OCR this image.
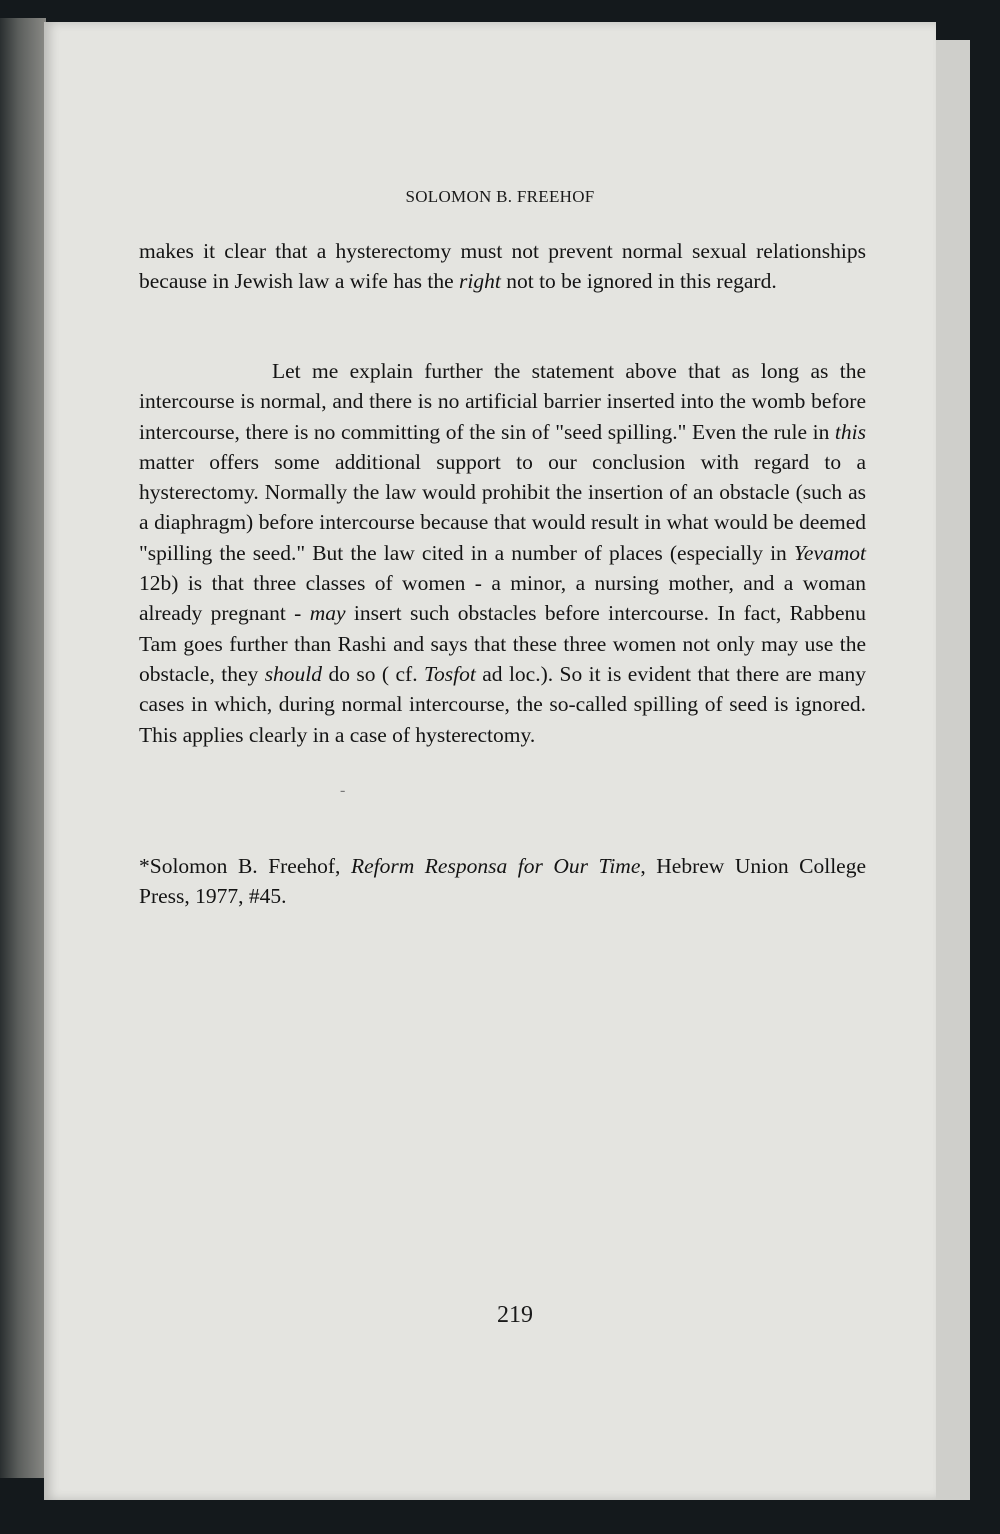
SOLOMON B. FREEHOF

makes it clear that a hysterectomy must not prevent normal sexual relationships because in Jewish law a wife has the right not to be ignored in this regard.

Let me explain further the statement above that as long as the intercourse is normal, and there is no artificial barrier inserted into the womb before intercourse, there is no committing of the sin of "seed spilling." Even the rule in this matter offers some additional support to our conclusion with regard to a hysterectomy. Normally the law would prohibit the insertion of an obstacle (such as a diaphragm) before intercourse because that would result in what would be deemed "spilling the seed." But the law cited in a number of places (especially in Yevamot 12b) is that three classes of women - a minor, a nursing mother, and a woman already pregnant - may insert such obstacles before intercourse. In fact, Rabbenu Tam goes further than Rashi and says that these three women not only may use the obstacle, they should do so ( cf. Tosfot ad loc.). So it is evident that there are many cases in which, during normal intercourse, the so-called spilling of seed is ignored. This applies clearly in a case of hysterectomy.

-

*Solomon B. Freehof, Reform Responsa for Our Time, Hebrew Union College Press, 1977, #45.

219
